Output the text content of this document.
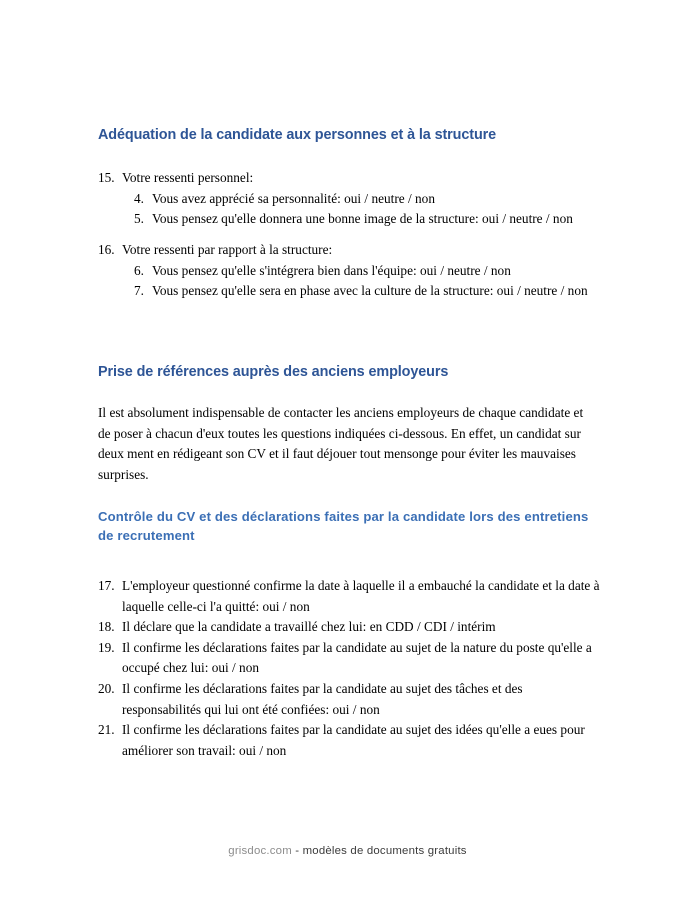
Adéquation de la candidate aux personnes et à la structure
15. Votre ressenti personnel:
4. Vous avez apprécié sa personnalité: oui / neutre / non
5. Vous pensez qu'elle donnera une bonne image de la structure: oui / neutre / non
16. Votre ressenti par rapport à la structure:
6. Vous pensez qu'elle s'intégrera bien dans l'équipe: oui / neutre / non
7. Vous pensez qu'elle sera en phase avec la culture de la structure: oui / neutre / non
Prise de références auprès des anciens employeurs

Il est absolument indispensable de contacter les anciens employeurs de chaque candidate et de poser à chacun d'eux toutes les questions indiquées ci-dessous. En effet, un candidat sur deux ment en rédigeant son CV et il faut déjouer tout mensonge pour éviter les mauvaises surprises.

Contrôle du CV et des déclarations faites par la candidate lors des entretiens de recrutement
17. L'employeur questionné confirme la date à laquelle il a embauché la candidate et la date à laquelle celle-ci l'a quitté: oui / non
18. Il déclare que la candidate a travaillé chez lui: en CDD / CDI / intérim
19. Il confirme les déclarations faites par la candidate au sujet de la nature du poste qu'elle a occupé chez lui: oui / non
20. Il confirme les déclarations faites par la candidate au sujet des tâches et des responsabilités qui lui ont été confiées: oui / non
21. Il confirme les déclarations faites par la candidate au sujet des idées qu'elle a eues pour améliorer son travail: oui / non
grisdoc.com - modèles de documents gratuits
